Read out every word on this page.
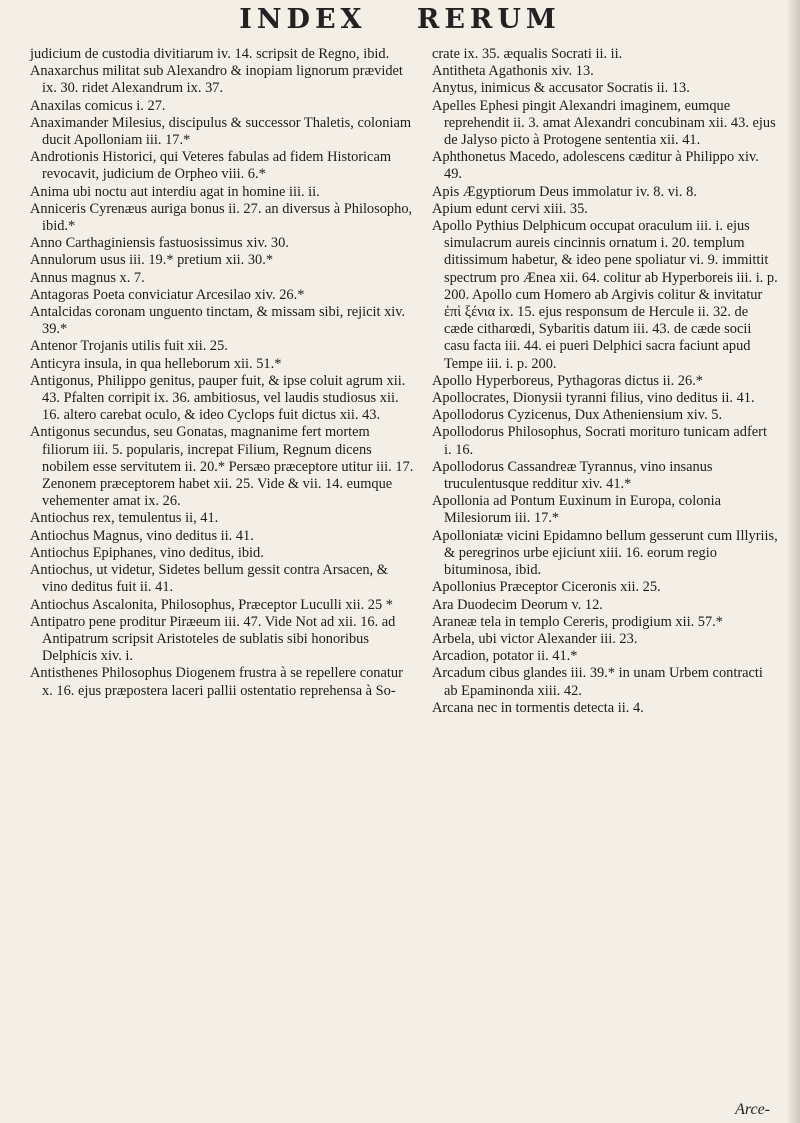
INDEX RERUM

judicium de custodia divitiarum iv. 14. scripsit de Regno, ibid.

Anaxarchus militat sub Alexandro & inopiam lignorum prævidet ix. 30. ridet Alexandrum ix. 37.

Anaxilas comicus i. 27.

Anaximander Milesius, discipulus & successor Thaletis, coloniam ducit Apolloniam iii. 17.*

Androtionis Historici, qui Veteres fabulas ad fidem Historicam revocavit, judicium de Orpheo viii. 6.*

Anima ubi noctu aut interdiu agat in homine iii. ii.

Anniceris Cyrenæus auriga bonus ii. 27. an diversus à Philosopho, ibid.*

Anno Carthaginiensis fastuosissimus xiv. 30.

Annulorum usus iii. 19.* pretium xii. 30.*

Annus magnus x. 7.

Antagoras Poeta conviciatur Arcesilao xiv. 26.*

Antalcidas coronam unguento tinctam, & missam sibi, rejicit xiv. 39.*

Antenor Trojanis utilis fuit xii. 25.

Anticyra insula, in qua helleborum xii. 51.*

Antigonus, Philippo genitus, pauper fuit, & ipse coluit agrum xii. 43. Pfalten corripit ix. 36. ambitiosus, vel laudis studiosus xii. 16. altero carebat oculo, & ideo Cyclops fuit dictus xii. 43.

Antigonus secundus, seu Gonatas, magnanime fert mortem filiorum iii. 5. popularis, increpat Filium, Regnum dicens nobilem esse servitutem ii. 20.* Persæo præceptore utitur iii. 17. Zenonem præceptorem habet xii. 25. Vide & vii. 14. eumque vehementer amat ix. 26.

Antiochus rex, temulentus ii, 41.

Antiochus Magnus, vino deditus ii. 41.

Antiochus Epiphanes, vino deditus, ibid.

Antiochus, ut videtur, Sidetes bellum gessit contra Arsacen, & vino deditus fuit ii. 41.

Antiochus Ascalonita, Philosophus, Præceptor Luculli xii. 25 *

Antipatro pene proditur Piræeum iii. 47. Vide Not ad xii. 16. ad Antipatrum scripsit Aristoteles de sublatis sibi honoribus Delphicis xiv. i.

Antisthenes Philosophus Diogenem frustra à se repellere conatur x. 16. ejus præpostera laceri pallii ostentatio reprehensa à So-

crate ix. 35. æqualis Socrati ii. ii.

Antitheta Agathonis xiv. 13.

Anytus, inimicus & accusator Socratis ii. 13.

Apelles Ephesi pingit Alexandri imaginem, eumque reprehendit ii. 3. amat Alexandri concubinam xii. 43. ejus de Jalyso picto à Protogene sententia xii. 41.

Aphthonetus Macedo, adolescens cæditur à Philippo xiv. 49.

Apis Ægyptiorum Deus immolatur iv. 8. vi. 8.

Apium edunt cervi xiii. 35.

Apollo Pythius Delphicum occupat oraculum iii. i. ejus simulacrum aureis cincinnis ornatum i. 20. templum ditissimum habetur, & ideo pene spoliatur vi. 9. immittit spectrum pro Ænea xii. 64. colitur ab Hyperboreis iii. i. p. 200. Apollo cum Homero ab Argivis colitur & invitatur ἐπὶ ξένια ix. 15. ejus responsum de Hercule ii. 32. de cæde citharœdi, Sybaritis datum iii. 43. de cæde socii casu facta iii. 44. ei pueri Delphici sacra faciunt apud Tempe iii. i. p. 200.

Apollo Hyperboreus, Pythagoras dictus ii. 26.*

Apollocrates, Dionysii tyranni filius, vino deditus ii. 41.

Apollodorus Cyzicenus, Dux Atheniensium xiv. 5.

Apollodorus Philosophus, Socrati morituro tunicam adfert i. 16.

Apollodorus Cassandreæ Tyrannus, vino insanus truculentusque redditur xiv. 41.*

Apollonia ad Pontum Euxinum in Europa, colonia Milesiorum iii. 17.*

Apolloniatæ vicini Epidamno bellum gesserunt cum Illyriis, & peregrinos urbe ejiciunt xiii. 16. eorum regio bituminosa, ibid.

Apollonius Præceptor Ciceronis xii. 25.

Ara Duodecim Deorum v. 12.

Araneæ tela in templo Cereris, prodigium xii. 57.*

Arbela, ubi victor Alexander iii. 23.

Arcadion, potator ii. 41.*

Arcadum cibus glandes iii. 39.* in unam Urbem contracti ab Epaminonda xiii. 42.

Arcana nec in tormentis detecta ii. 4.

Arce-
